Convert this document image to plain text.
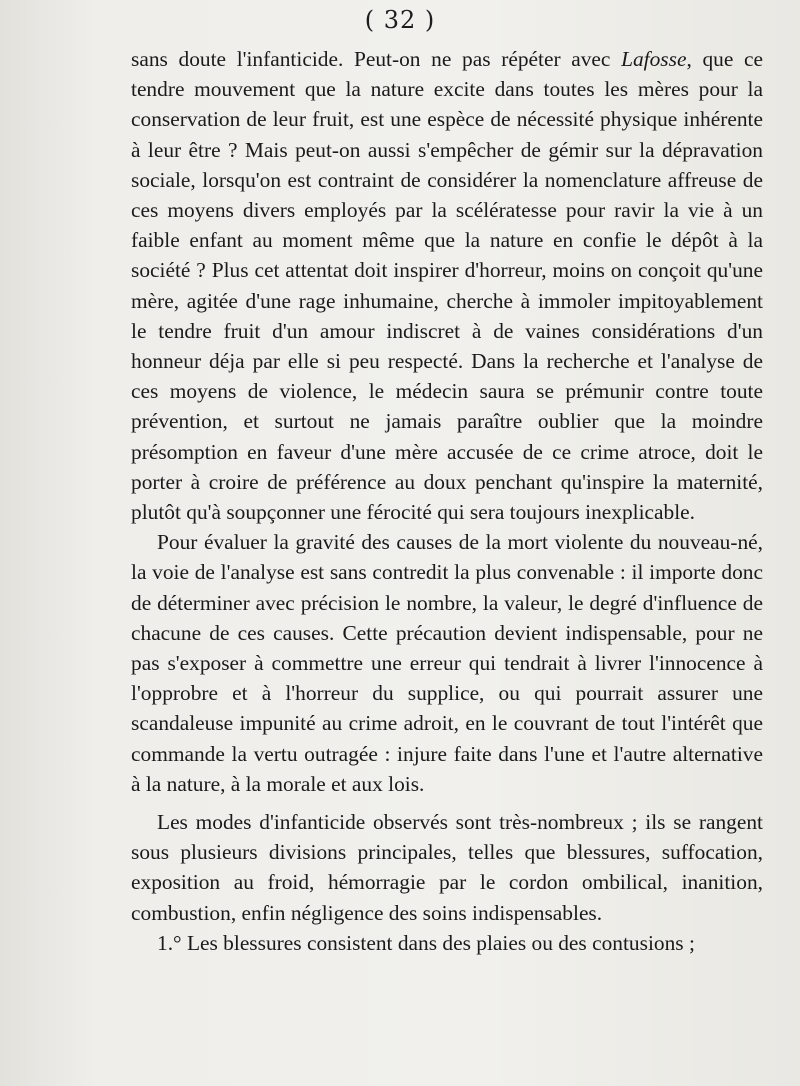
( 32 )

sans doute l'infanticide. Peut-on ne pas répéter avec Lafosse, que ce tendre mouvement que la nature excite dans toutes les mères pour la conservation de leur fruit, est une espèce de nécessité physique inhérente à leur être ? Mais peut-on aussi s'empêcher de gémir sur la dépravation sociale, lorsqu'on est contraint de considérer la nomenclature affreuse de ces moyens divers employés par la scélératesse pour ravir la vie à un faible enfant au moment même que la nature en confie le dépôt à la société ? Plus cet attentat doit inspirer d'horreur, moins on conçoit qu'une mère, agitée d'une rage inhumaine, cherche à immoler impitoyablement le tendre fruit d'un amour indiscret à de vaines considérations d'un honneur déja par elle si peu respecté. Dans la recherche et l'analyse de ces moyens de violence, le médecin saura se prémunir contre toute prévention, et surtout ne jamais paraître oublier que la moindre présomption en faveur d'une mère accusée de ce crime atroce, doit le porter à croire de préférence au doux penchant qu'inspire la maternité, plutôt qu'à soupçonner une férocité qui sera toujours inexplicable.

Pour évaluer la gravité des causes de la mort violente du nouveau-né, la voie de l'analyse est sans contredit la plus convenable : il importe donc de déterminer avec précision le nombre, la valeur, le degré d'influence de chacune de ces causes. Cette précaution devient indispensable, pour ne pas s'exposer à commettre une erreur qui tendrait à livrer l'innocence à l'opprobre et à l'horreur du supplice, ou qui pourrait assurer une scandaleuse impunité au crime adroit, en le couvrant de tout l'intérêt que commande la vertu outragée : injure faite dans l'une et l'autre alternative à la nature, à la morale et aux lois.

Les modes d'infanticide observés sont très-nombreux ; ils se rangent sous plusieurs divisions principales, telles que blessures, suffocation, exposition au froid, hémorragie par le cordon ombilical, inanition, combustion, enfin négligence des soins indispensables.

1.° Les blessures consistent dans des plaies ou des contusions ;
